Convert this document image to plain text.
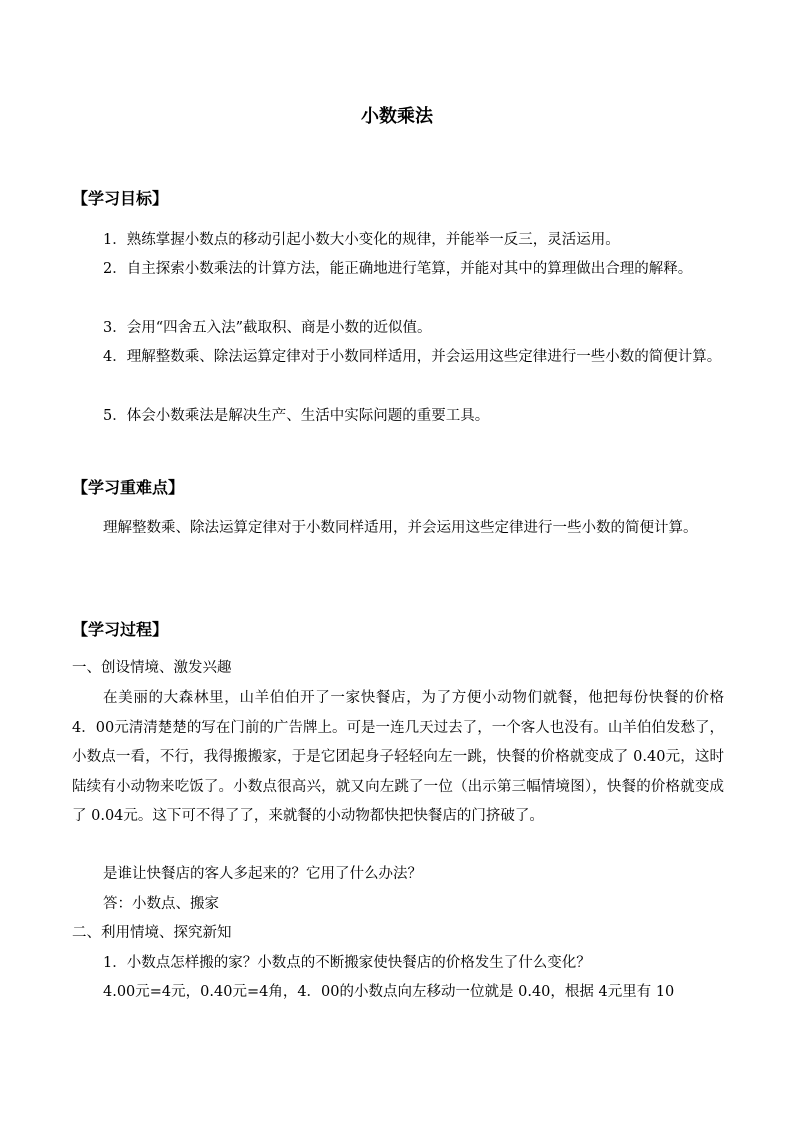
小数乘法
【学习目标】
1．熟练掌握小数点的移动引起小数大小变化的规律，并能举一反三，灵活运用。
2．自主探索小数乘法的计算方法，能正确地进行笔算，并能对其中的算理做出合理的解释。
3．会用“四舍五入法”截取积、商是小数的近似值。
4．理解整数乘、除法运算定律对于小数同样适用，并会运用这些定律进行一些小数的简便计算。
5．体会小数乘法是解决生产、生活中实际问题的重要工具。
【学习重难点】
理解整数乘、除法运算定律对于小数同样适用，并会运用这些定律进行一些小数的简便计算。
【学习过程】
一、创设情境、激发兴趣
在美丽的大森林里，山羊伯伯开了一家快餐店，为了方便小动物们就餐，他把每份快餐的价格 4．00元清清楚楚的写在门前的广告牌上。可是一连几天过去了，一个客人也没有。山羊伯伯发愁了，小数点一看，不行，我得搬搬家，于是它团起身子轻轻向左一跳，快餐的价格就变成了 0.40元，这时陆续有小动物来吃饭了。小数点很高兴，就又向左跳了一位（出示第三幅情境图），快餐的价格就变成了 0.04元。这下可不得了了，来就餐的小动物都快把快餐店的门挤破了。
是谁让快餐店的客人多起来的？它用了什么办法？
答：小数点、搬家
二、利用情境、探究新知
1．小数点怎样搬的家？小数点的不断搬家使快餐店的价格发生了什么变化？
4.00元=4元，0.40元=4角，4．00的小数点向左移动一位就是 0.40，根据 4元里有 10
